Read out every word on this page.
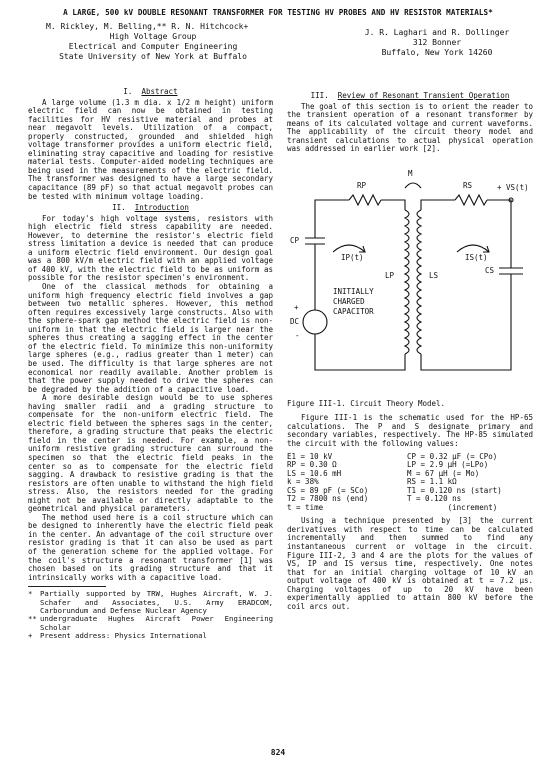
A LARGE, 500 kV DOUBLE RESONANT TRANSFORMER FOR TESTING HV PROBES AND HV RESISTOR MATERIALS*
M. Rickley, M. Belling,** R. N. Hitchcock+
High Voltage Group
Electrical and Computer Engineering
State University of New York at Buffalo
J. R. Laghari and R. Dollinger
312 Bonner
Buffalo, New York 14260
I. Abstract

A large volume (1.3 m dia. x 1/2 m height) uniform electric field can now be obtained in testing facilities for HV resistive material and probes at near megavolt levels. Utilization of a compact, properly constructed, grounded and shielded high voltage transformer provides a uniform electric field, eliminating stray capacitive and loading for resistive material tests. Computer-aided modeling techniques are being used in the measurements of the electric field. The transformer was designed to have a large secondary capacitance (89 pF) so that actual megavolt probes can be tested with minimum voltage loading.

II. Introduction

For today's high voltage systems, resistors with high electric field stress capability are needed. However, to determine the resistor's electric field stress limitation a device is needed that can produce a uniform electric field environment. Our design goal was a 800 kV/m electric field with an applied voltage of 400 kV, with the electric field to be as uniform as possible for the resistor specimen's environment.

One of the classical methods for obtaining a uniform high frequency electric field involves a gap between two metallic spheres. However, this method often requires excessively large constructs. Also with the sphere-spark gap method the electric field is non-uniform in that the electric field is larger near the spheres thus creating a sagging effect in the center of the electric field. To minimize this non-uniformity large spheres (e.g., radius greater than 1 meter) can be used. The difficulty is that large spheres are not economical nor readily available. Another problem is that the power supply needed to drive the spheres can be degraded by the addition of a capacitive load.

A more desirable design would be to use spheres having smaller radii and a grading structure to compensate for the non-uniform electric field. The electric field between the spheres sags in the center, therefore, a grading structure that peaks the electric field in the center is needed. For example, a non-uniform resistive grading structure can surround the specimen so that the electric field peaks in the center so as to compensate for the electric field sagging. A drawback to resistive grading is that the resistors are often unable to withstand the high field stress. Also, the resistors needed for the grading might not be available or directly adaptable to the geometrical and physical parameters.

The method used here is a coil structure which can be designed to inherently have the electric field peak in the center. An advantage of the coil structure over resistor grading is that it can also be used as part of the generation scheme for the applied voltage. For the coil's structure a resonant transformer [1] was chosen based on its grading structure and that it intrinsically works with a capacitive load.

* Partially supported by TRW, Hughes Aircraft, W. J. Schafer and Associates, U.S. Army ERADCOM, Carborundum and Defense Nuclear Agency
** undergraduate Hughes Aircraft Power Engineering Scholar
+ Present address: Physics International
III. Review of Resonant Transient Operation

The goal of this section is to orient the reader to the transient operation of a resonant transformer by means of its calculated voltage and current waveforms. The applicability of the circuit theory model and transient calculations to actual physical operation was addressed in earlier work [2].

M
RP	RS	+ VS(t)
CP
IP(t)	IS(t)
LP	LS
CS
INITIALLY
CHARGED
CAPACITOR
+
DC
-

Figure III-1. Circuit Theory Model.

Figure III-1 is the schematic used for the HP-65 calculations. The P and S designate primary and secondary variables, respectively. The HP-85 simulated the circuit with the following values:

E1 = 10 kV	CP = 0.32 μF (= CPo)
RP = 0.30 Ω	LP = 2.9 μH (=LPo)
LS = 10.6 mH	M = 67 μH (= Mo)
k = 38%	RS = 1.1 kΩ
CS = 89 pF (= SCo)	T1 = 0.120 ns (start)
T2 = 7800 ns (end)	T = 0.120 ns
t = time	(increment)

Using a technique presented by [3] the current derivatives with respect to time can be calculated incrementally and then summed to find any instantaneous current or voltage in the circuit. Figure III-2, 3 and 4 are the plots for the values of VS, IP and IS versus time, respectively. One notes that for an initial charging voltage of 10 kV an output voltage of 400 kV is obtained at t = 7.2 μs. Charging voltages of up to 20 kV have been experimentally applied to attain 800 kV before the coil arcs out.

824
